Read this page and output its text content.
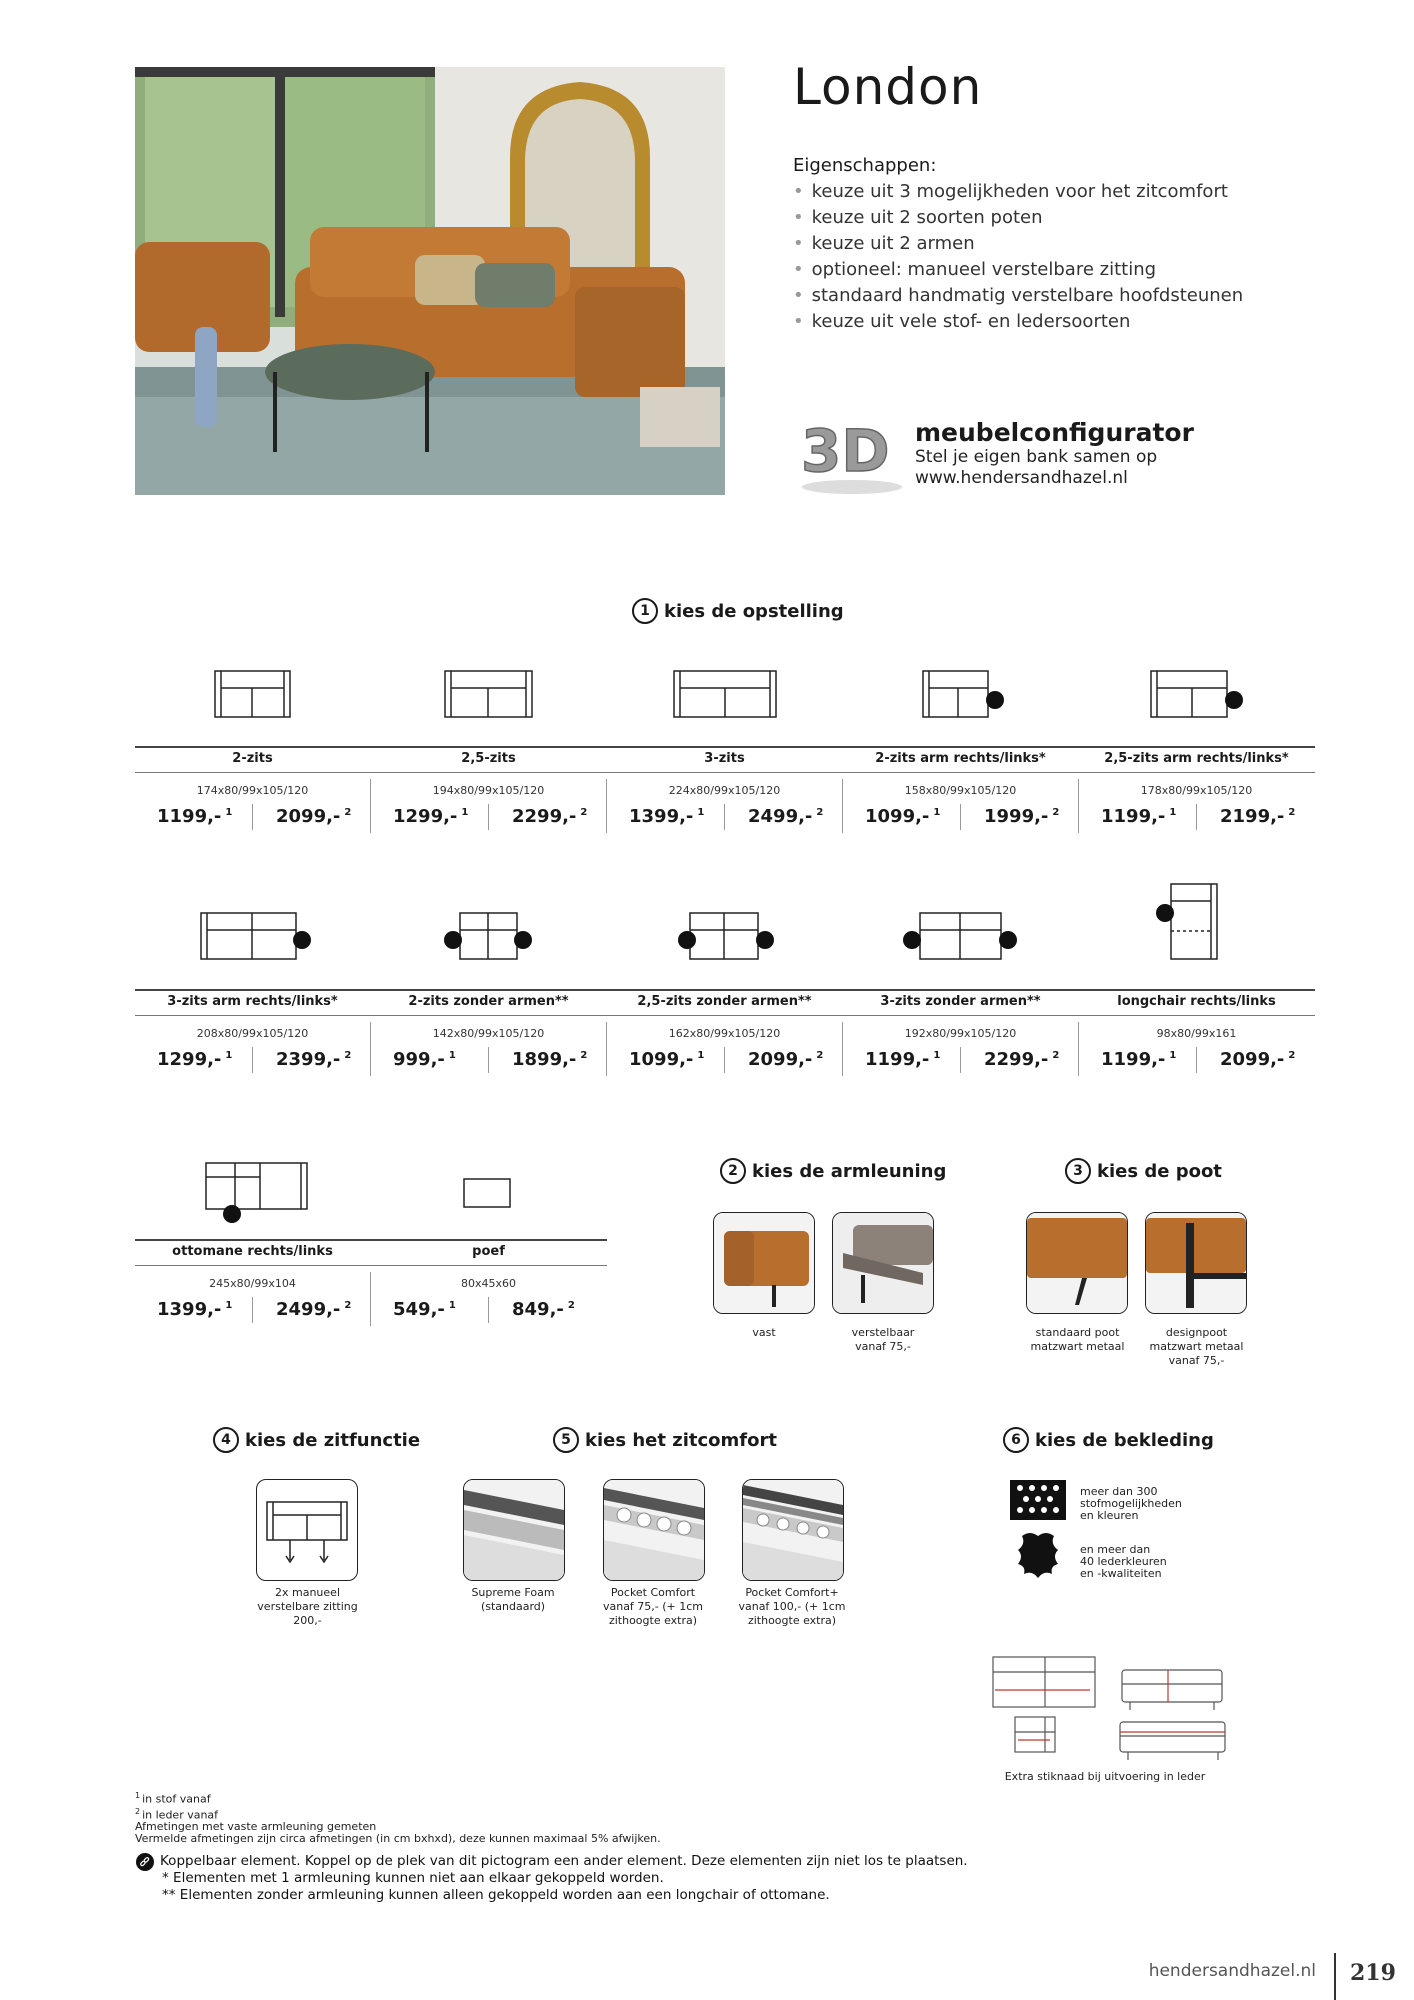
London
Eigenschappen:
• keuze uit 3 mogelijkheden voor het zitcomfort
• keuze uit 2 soorten poten
• keuze uit 2 armen
• optioneel: manueel verstelbare zitting
• standaard handmatig verstelbare hoofdsteunen
• keuze uit vele stof- en ledersoorten
3D meubelconfigurator
Stel je eigen bank samen op
www.hendersandhazel.nl
1 kies de opstelling
2-zits
174x80/99x105/120
1199,- $^1$ 2099,- $^2$
2,5-zits
194x80/99x105/120
1299,- $^1$ 2299,- $^2$
3-zits
224x80/99x105/120
1399,- $^1$ 2499,- $^2$
2-zits arm rechts/links*
158x80/99x105/120
1099,- $^1$ 1999,- $^2$
2,5-zits arm rechts/links*
178x80/99x105/120
1199,- $^1$ 2199,- $^2$
3-zits arm rechts/links*
208x80/99x105/120
1299,- $^1$ 2399,- $^2$
2-zits zonder armen**
142x80/99x105/120
999,- $^1$	1899,- $^2$
2,5-zits zonder armen**
162x80/99x105/120
1099,- $^1$ 2099,- $^2$
3-zits zonder armen**
192x80/99x105/120
1199,- $^1$ 2299,- $^2$
longchair rechts/links
98x80/99x161
1199,- $^1$ 2099,- $^2$
ottomane rechts/links
245x80/99x104
1399,- $^1$ 2499,- $^2$
poef
80x45x60
549,- $^1$	849,- $^2$
2 kies de armleuning
vast	verstelbaar
vanaf 75,-
3 kies de poot
standaard poot
matzwart metaal
designpoot
matzwart metaal
vanaf 75,-
4 kies de zitfunctie
2x manueel
verstelbare zitting
200,-
5 kies het zitcomfort
Supreme Foam
(standaard)
Pocket Comfort
vanaf 75,- (+ 1cm
zithoogte extra)
Pocket Comfort+
vanaf 100,- (+ 1cm
zithoogte extra)
6 kies de bekleding
meer dan 300
stofmogelijkheden
en kleuren
en meer dan
40 lederkleuren
en -kwaliteiten
Extra stiknaad bij uitvoering in leder
$^1$ in stof vanaf
$^2$ in leder vanaf
Afmetingen met vaste armleuning gemeten
Vermelde afmetingen zijn circa afmetingen (in cm bxhxd), deze kunnen maximaal 5% afwijken.
Koppelbaar element. Koppel op de plek van dit pictogram een ander element. Deze elementen zijn niet los te plaatsen.
* Elementen met 1 armleuning kunnen niet aan elkaar gekoppeld worden.
** Elementen zonder armleuning kunnen alleen gekoppeld worden aan een longchair of ottomane.
hendersandhazel.nl 219
